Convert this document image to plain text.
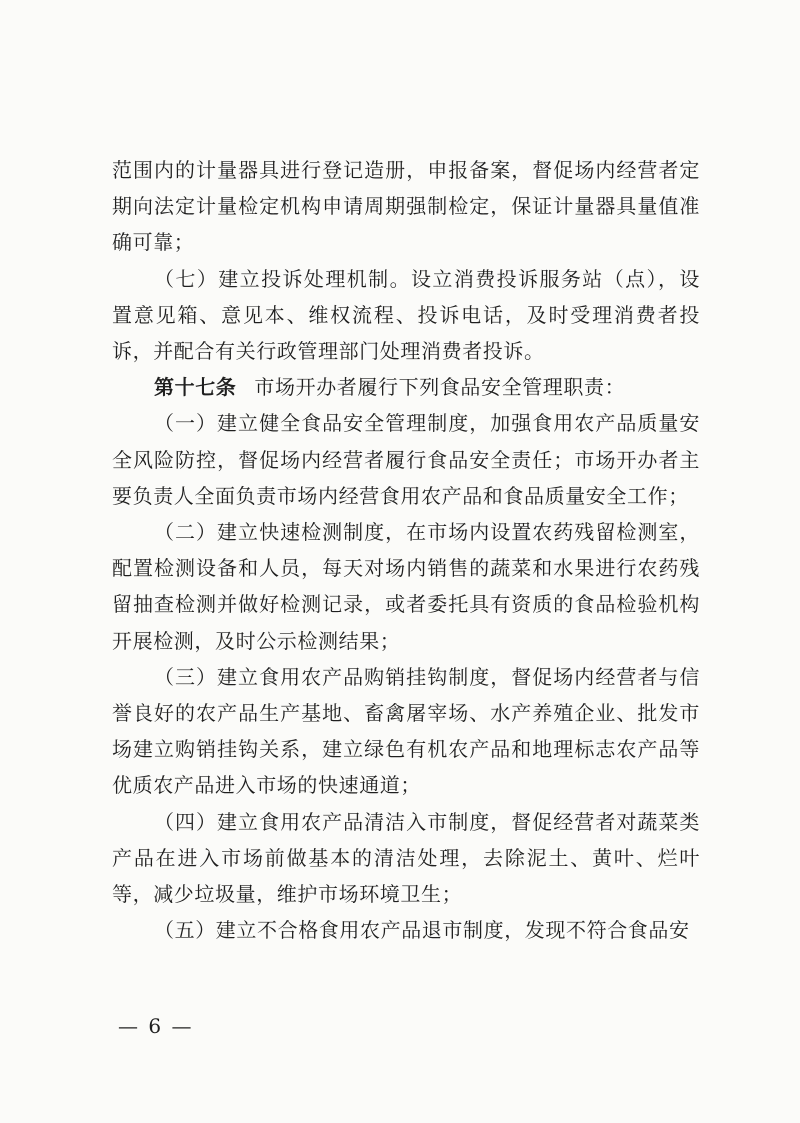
范围内的计量器具进行登记造册，申报备案，督促场内经营者定期向法定计量检定机构申请周期强制检定，保证计量器具量值准确可靠；

（七）建立投诉处理机制。设立消费投诉服务站（点），设置意见箱、意见本、维权流程、投诉电话，及时受理消费者投诉，并配合有关行政管理部门处理消费者投诉。

第十七条 市场开办者履行下列食品安全管理职责：

（一）建立健全食品安全管理制度，加强食用农产品质量安全风险防控，督促场内经营者履行食品安全责任；市场开办者主要负责人全面负责市场内经营食用农产品和食品质量安全工作；

（二）建立快速检测制度，在市场内设置农药残留检测室，配置检测设备和人员，每天对场内销售的蔬菜和水果进行农药残留抽查检测并做好检测记录，或者委托具有资质的食品检验机构开展检测，及时公示检测结果；

（三）建立食用农产品购销挂钩制度，督促场内经营者与信誉良好的农产品生产基地、畜禽屠宰场、水产养殖企业、批发市场建立购销挂钩关系，建立绿色有机农产品和地理标志农产品等优质农产品进入市场的快速通道；

（四）建立食用农产品清洁入市制度，督促经营者对蔬菜类产品在进入市场前做基本的清洁处理，去除泥土、黄叶、烂叶等，减少垃圾量，维护市场环境卫生；

（五）建立不合格食用农产品退市制度，发现不符合食品安

— 6 —
